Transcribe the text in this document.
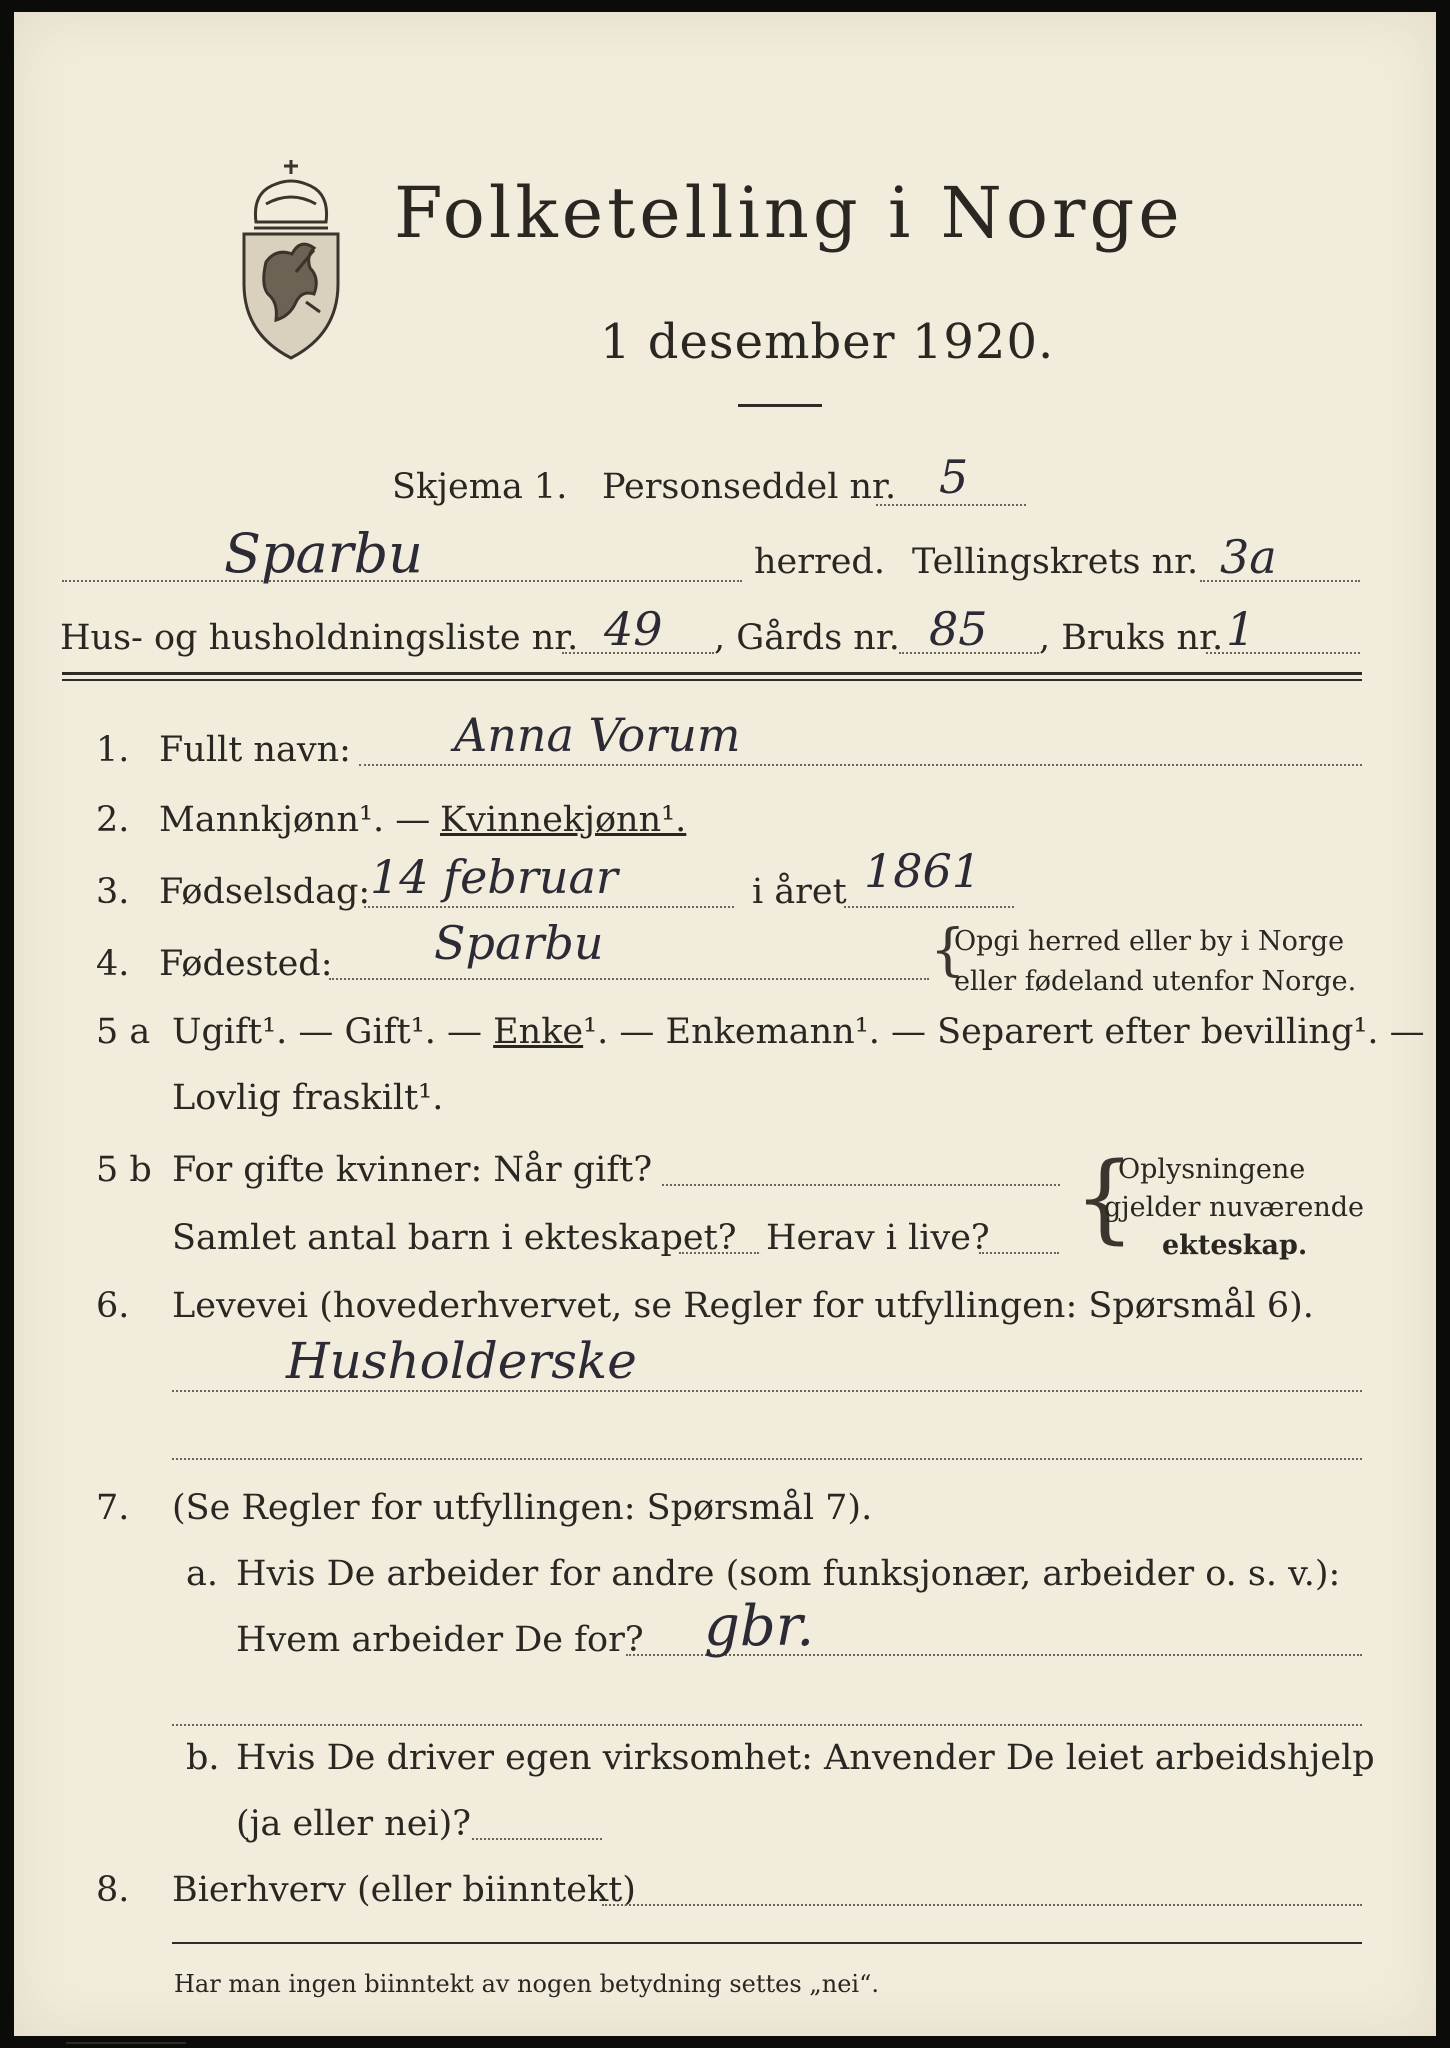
Folketelling i Norge
1 desember 1920.
Skjema 1. Personseddel nr. 5
Sparbu	herred. Tellingskrets nr. 3a
Hus- og husholdningsliste nr. 49 , Gårds nr. 85 , Bruks nr. 1
1. Fullt navn: Anna Vorum
2. Mannkjønn¹. — Kvinnekjønn¹.
3. Fødselsdag: 14 februar	i året 1861
4. Fødested: Sparbu	{
Opgi herred eller by i Norge
eller fødeland utenfor Norge.
5 a Ugift¹. — Gift¹. — Enke¹. — Enkemann¹. — Separert efter bevilling¹. —
Lovlig fraskilt¹.
5 b For gifte kvinner: Når gift?
Samlet antal barn i ekteskapet? Herav i live? {
Oplysningene
gjelder nuværende
ekteskap.
6. Levevei (hovederhvervet, se Regler for utfyllingen: Spørsmål 6).
Husholderske
7. (Se Regler for utfyllingen: Spørsmål 7).
a. Hvis De arbeider for andre (som funksjonær, arbeider o. s. v.):
Hvem arbeider De for? gbr.
b. Hvis De driver egen virksomhet: Anvender De leiet arbeidshjelp
(ja eller nei)?
8. Bierhverv (eller biinntekt)
Har man ingen biinntekt av nogen betydning settes „nei“.
